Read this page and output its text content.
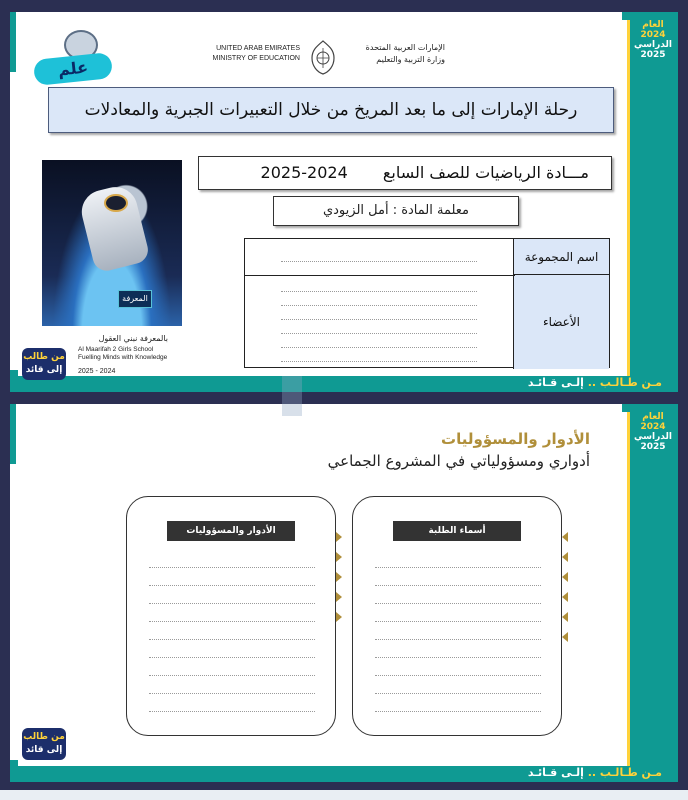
العام 2024
الدراسي 2025
علم
UNITED ARAB EMIRATES
MINISTRY OF EDUCATION
الإمارات العربية المتحدة
وزارة التربية والتعليم
رحلة الإمارات إلى ما بعد المريخ من خلال التعبيرات الجبرية والمعادلات
المعرفة
مـــادة الرياضيات للصف السابع 2025-2024
معلمة المادة : أمل الزيودي
اسم المجموعة
الأعضاء
بالمعرفة نبني العقول
Al Maarifah 2 Girls School
Fuelling Minds with Knowledge
2025 - 2024
من طالب
إلى قائد
مـن طـالـب .. إلـى قـائـد
العام 2024
الدراسي 2025
الأدوار والمسؤوليات
أدواري ومسؤولياتي في المشروع الجماعي
الأدوار والمسؤوليات	أسماء الطلبة
من طالب
إلى قائد
مـن طـالـب .. إلـى قـائـد
